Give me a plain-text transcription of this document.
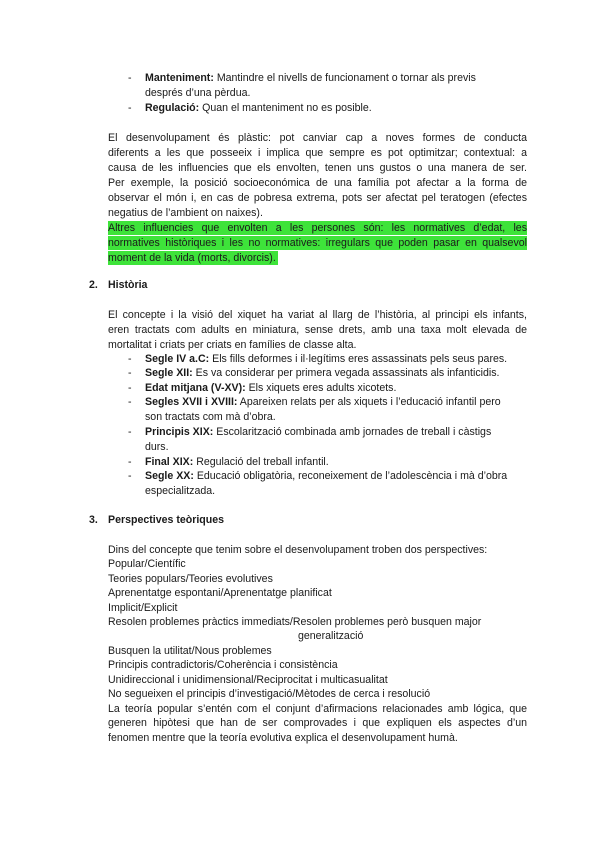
- Manteniment: Mantindre el nivells de funcionament o tornar als previs
després d’una pèrdua.
- Regulació: Quan el manteniment no es posible.
El desenvolupament és plàstic: pot canviar cap a noves formes de conducta
diferents a les que posseeix i implica que sempre es pot optimitzar; contextual: a
causa de les influencies que els envolten, tenen uns gustos o una manera de ser.
Per exemple, la posició socioeconómica de una família pot afectar a la forma de
observar el món i, en cas de pobresa extrema, pots ser afectat pel teratogen (efectes
negatius de l’ambient on naixes).
Altres influencies que envolten a les persones són: les normatives d’edat, les
normatives històriques i les no normatives: irregulars que poden pasar en qualsevol
moment de la vida (morts, divorcis).
2. Història
El concepte i la visió del xiquet ha variat al llarg de l’història, al principi els infants,
eren tractats com adults en miniatura, sense drets, amb una taxa molt elevada de
mortalitat i criats per criats en famílies de classe alta.
- Segle IV a.C: Els fills deformes i il·legítims eres assassinats pels seus pares.
- Segle XII: Es va considerar per primera vegada assassinats als infanticidis.
- Edat mitjana (V-XV): Els xiquets eres adults xicotets.
- Segles XVII i XVIII: Apareixen relats per als xiquets i l’educació infantil pero
son tractats com mà d’obra.
- Principis XIX: Escolarització combinada amb jornades de treball i càstigs
durs.
- Final XIX: Regulació del treball infantil.
- Segle XX: Educació obligatòria, reconeixement de l’adolescència i mà d’obra
especialitzada.
3. Perspectives teòriques
Dins del concepte que tenim sobre el desenvolupament troben dos perspectives:
Popular/Científic
Teories populars/Teories evolutives
Aprenentatge espontani/Aprenentatge planificat
Implicit/Explicit
Resolen problemes pràctics immediats/Resolen problemes però busquen major
generalització
Busquen la utilitat/Nous problemes
Principis contradictoris/Coherència i consistència
Unidireccional i unidimensional/Reciprocitat i multicasualitat
No segueixen el principis d’investigació/Mètodes de cerca i resolució
La teoría popular s’entén com el conjunt d’afirmacions relacionades amb lógica, que
generen hipòtesi que han de ser comprovades i que expliquen els aspectes d’un
fenomen mentre que la teoría evolutiva explica el desenvolupament humà.
